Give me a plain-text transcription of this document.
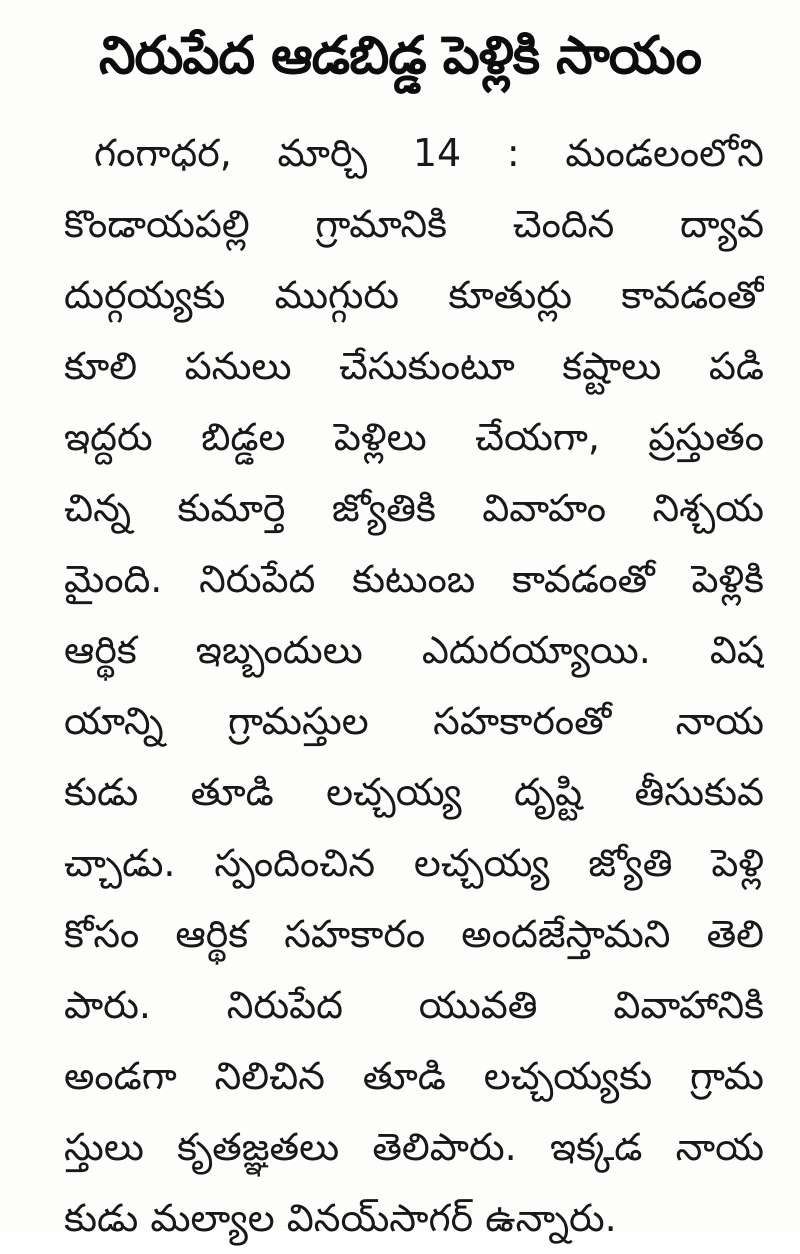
నిరుపేద ఆడబిడ్డ పెళ్లికి సాయం
గంగాధర, మార్చి 14 : మండలంలోని
కొండాయపల్లి గ్రామానికి చెందిన ద్యావ
దుర్గయ్యకు ముగ్గురు కూతుర్లు కావడంతో
కూలి పనులు చేసుకుంటూ కష్టాలు పడి
ఇద్దరు బిడ్డల పెళ్లిలు చేయగా, ప్రస్తుతం
చిన్న కుమార్తె జ్యోతికి వివాహం నిశ్చయ
మైంది. నిరుపేద కుటుంబ కావడంతో పెళ్లికి
ఆర్థిక ఇబ్బందులు ఎదురయ్యాయి. విష
యాన్ని గ్రామస్తుల సహకారంతో నాయ
కుడు తూడి లచ్చయ్య దృష్టి తీసుకువ
చ్చాడు. స్పందించిన లచ్చయ్య జ్యోతి పెళ్లి
కోసం ఆర్థిక సహకారం అందజేస్తామని తెలి
పారు. నిరుపేద యువతి వివాహానికి
అండగా నిలిచిన తూడి లచ్చయ్యకు గ్రామ
స్తులు కృతజ్ఞతలు తెలిపారు. ఇక్కడ నాయ
కుడు మల్యాల వినయ్‌సాగర్ ఉన్నారు.
